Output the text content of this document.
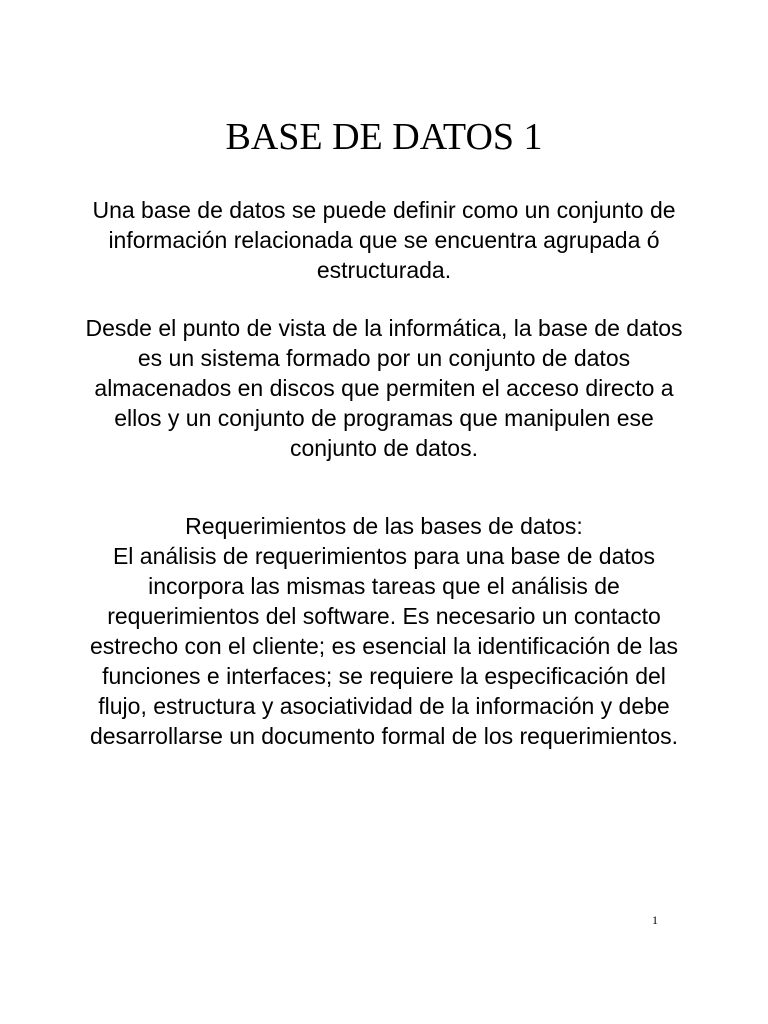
BASE DE DATOS 1

Una base de datos se puede definir como un conjunto de información relacionada que se encuentra agrupada ó estructurada.

Desde el punto de vista de la informática, la base de datos es un sistema formado por un conjunto de datos almacenados en discos que permiten el acceso directo a ellos y un conjunto de programas que manipulen ese conjunto de datos.

Requerimientos de las bases de datos:
El análisis de requerimientos para una base de datos incorpora las mismas tareas que el análisis de requerimientos del software. Es necesario un contacto estrecho con el cliente; es esencial la identificación de las funciones e interfaces; se requiere la especificación del flujo, estructura y asociatividad de la información y debe desarrollarse un documento formal de los requerimientos.

1
